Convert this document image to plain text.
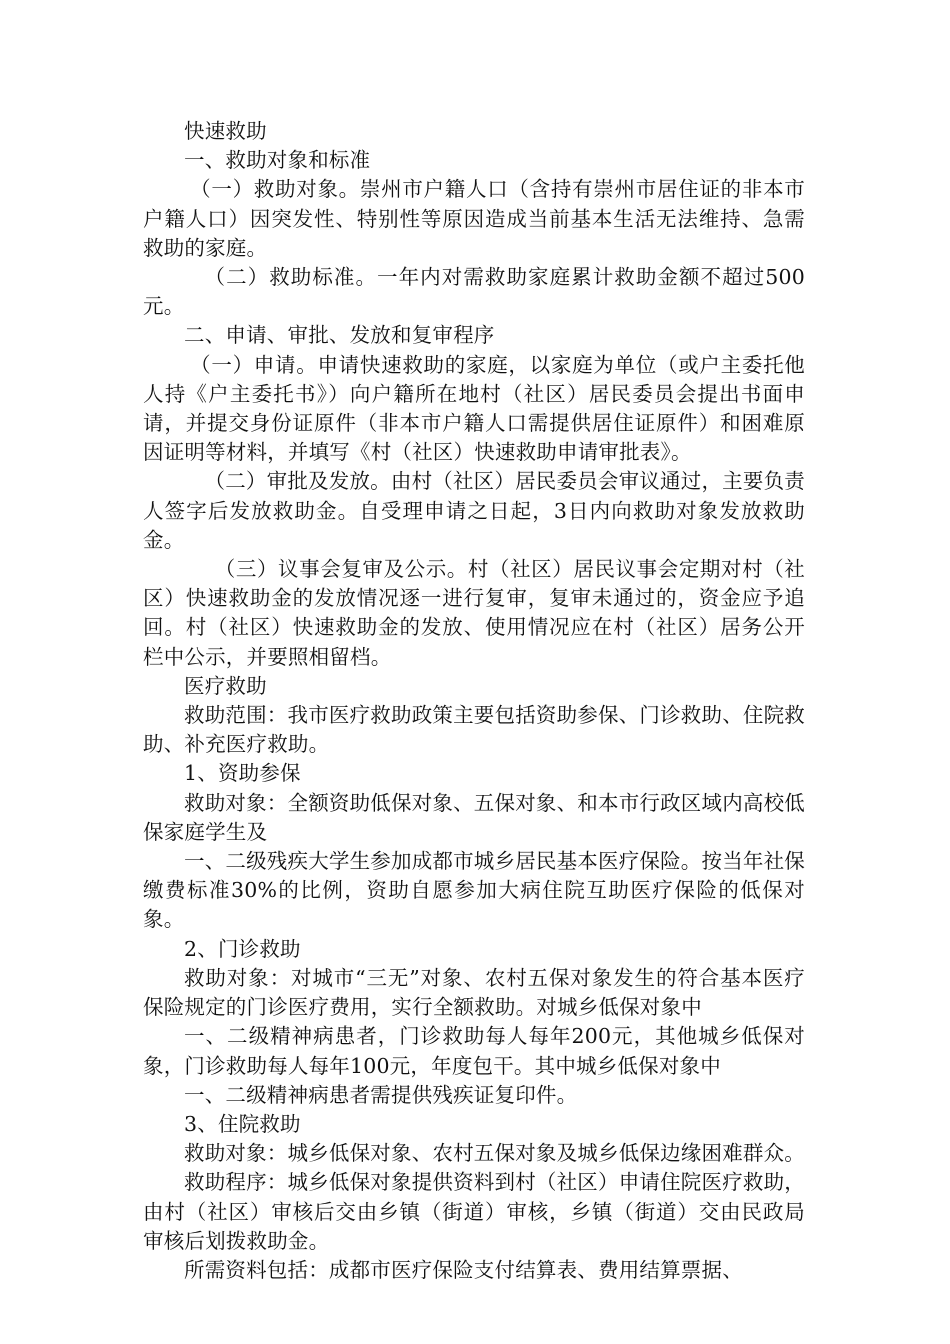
快速救助

一、救助对象和标准

（一）救助对象。崇州市户籍人口（含持有崇州市居住证的非本市户籍人口）因突发性、特别性等原因造成当前基本生活无法维持、急需救助的家庭。

（二）救助标准。一年内对需救助家庭累计救助金额不超过500元。

二、申请、审批、发放和复审程序

（一）申请。申请快速救助的家庭，以家庭为单位（或户主委托他人持《户主委托书》）向户籍所在地村（社区）居民委员会提出书面申请，并提交身份证原件（非本市户籍人口需提供居住证原件）和困难原因证明等材料，并填写《村（社区）快速救助申请审批表》。

（二）审批及发放。由村（社区）居民委员会审议通过，主要负责人签字后发放救助金。自受理申请之日起，3日内向救助对象发放救助金。

（三）议事会复审及公示。村（社区）居民议事会定期对村（社区）快速救助金的发放情况逐一进行复审，复审未通过的，资金应予追回。村（社区）快速救助金的发放、使用情况应在村（社区）居务公开栏中公示，并要照相留档。

医疗救助

救助范围：我市医疗救助政策主要包括资助参保、门诊救助、住院救助、补充医疗救助。

1、资助参保

救助对象：全额资助低保对象、五保对象、和本市行政区域内高校低保家庭学生及

一、二级残疾大学生参加成都市城乡居民基本医疗保险。按当年社保缴费标准30%的比例，资助自愿参加大病住院互助医疗保险的低保对象。

2、门诊救助

救助对象：对城市“三无”对象、农村五保对象发生的符合基本医疗保险规定的门诊医疗费用，实行全额救助。对城乡低保对象中

一、二级精神病患者，门诊救助每人每年200元，其他城乡低保对象，门诊救助每人每年100元，年度包干。其中城乡低保对象中

一、二级精神病患者需提供残疾证复印件。

3、住院救助

救助对象：城乡低保对象、农村五保对象及城乡低保边缘困难群众。

救助程序：城乡低保对象提供资料到村（社区）申请住院医疗救助，由村（社区）审核后交由乡镇（街道）审核，乡镇（街道）交由民政局审核后划拨救助金。

所需资料包括：成都市医疗保险支付结算表、费用结算票据、
